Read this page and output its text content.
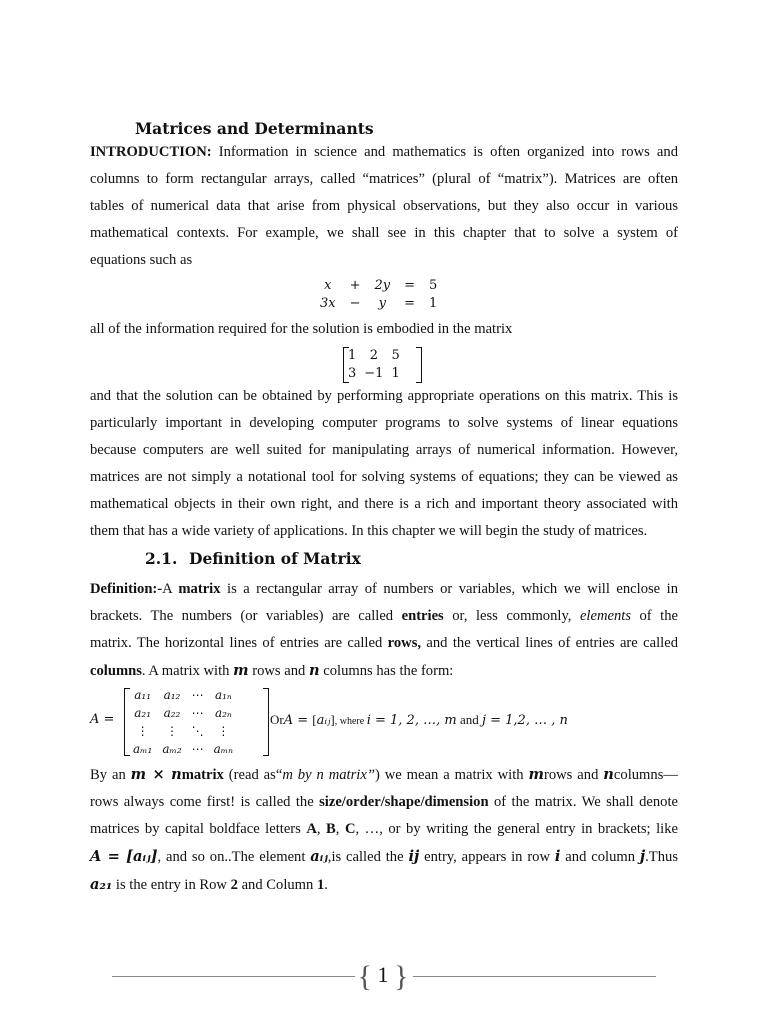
Matrices and Determinants
INTRODUCTION: Information in science and mathematics is often organized into rows and
columns to form rectangular arrays, called “matrices” (plural of “matrix”). Matrices are often
tables of numerical data that arise from physical observations, but they also occur in various
mathematical contexts. For example, we shall see in this chapter that to solve a system of
equations such as
x	+	2y	=	5
3x	−	y	=	1
all of the information required for the solution is embodied in the matrix
1	2	5
3	−1	1
and that the solution can be obtained by performing appropriate operations on this matrix. This is
particularly important in developing computer programs to solve systems of linear equations
because computers are well suited for manipulating arrays of numerical information. However,
matrices are not simply a notational tool for solving systems of equations; they can be viewed as
mathematical objects in their own right, and there is a rich and important theory associated with
them that has a wide variety of applications. In this chapter we will begin the study of matrices.
2.1. Definition of Matrix
Definition:-A matrix is a rectangular array of numbers or variables, which we will enclose in
brackets. The numbers (or variables) are called entries or, less commonly, elements of the
matrix. The horizontal lines of entries are called rows, and the vertical lines of entries are called
columns. A matrix with m rows and n columns has the form:
A =
a₁₁	a₁₂	⋯	a₁ₙ
a₂₁	a₂₂	⋯	a₂ₙ
⋮	⋮	⋱	⋮
aₘ₁	aₘ₂	⋯	aₘₙ
OrA = [aᵢⱼ], where i = 1, 2, …, m and j = 1,2, … , n
By an m × nmatrix (read as“m by n matrix”) we mean a matrix with mrows and ncolumns—
rows always come first! is called the size/order/shape/dimension of the matrix. We shall denote
matrices by capital boldface letters A, B, C, …, or by writing the general entry in brackets; like
A = [aᵢⱼ], and so on..The element aᵢⱼ,is called the ij entry, appears in row i and column j.Thus
a₂₁ is the entry in Row 2 and Column 1.
{ 1 }
